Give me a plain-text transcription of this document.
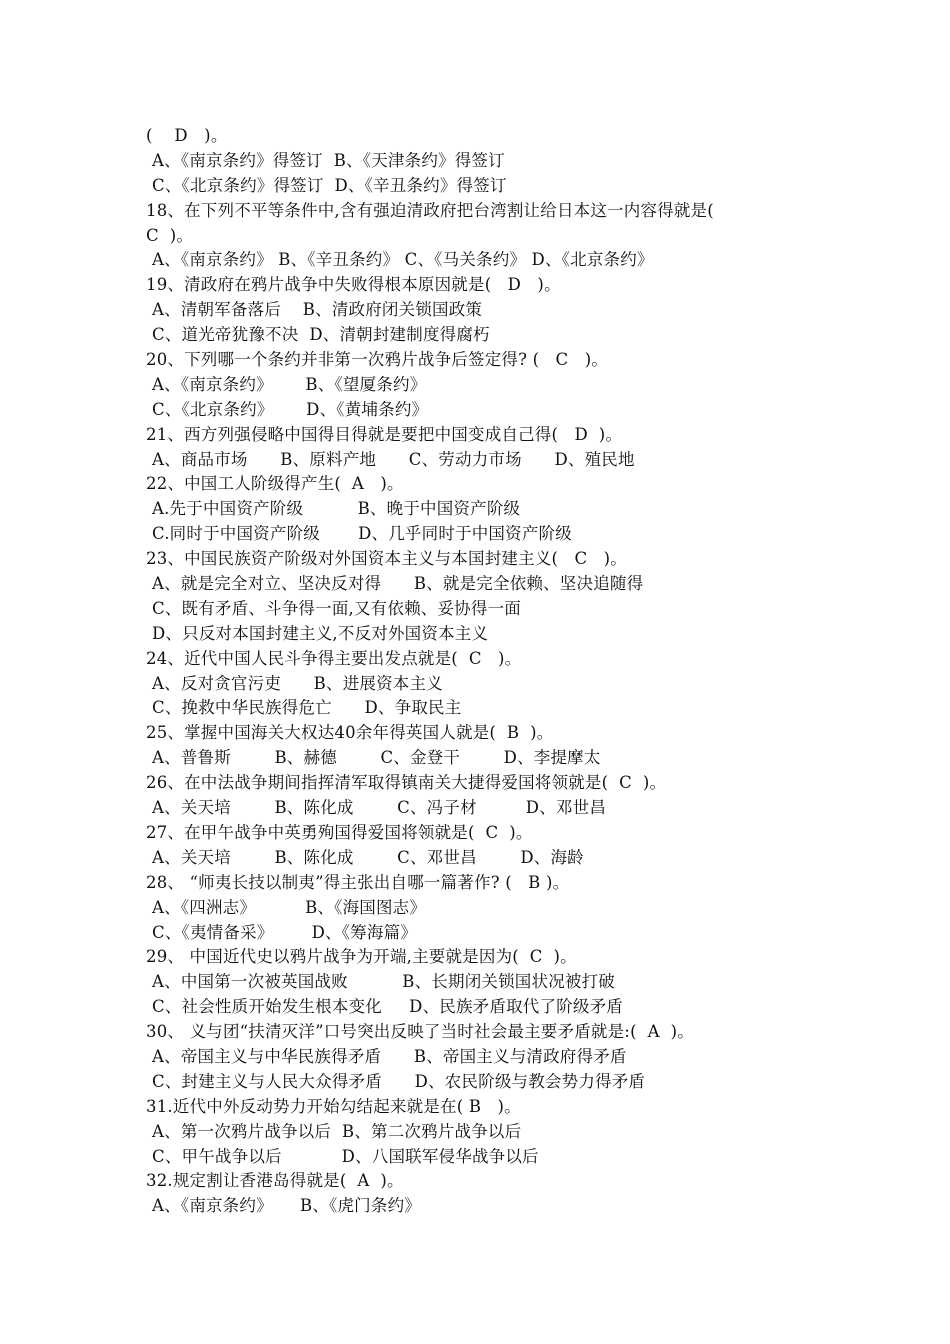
(    D   )。
A、《南京条约》得签订  B、《天津条约》得签订
C、《北京条约》得签订  D、《辛丑条约》得签订
18、在下列不平等条件中,含有强迫清政府把台湾割让给日本这一内容得就是(
C  )。
A、《南京条约》 B、《辛丑条约》 C、《马关条约》 D、《北京条约》
19、清政府在鸦片战争中失败得根本原因就是(   D   )。
A、清朝军备落后    B、清政府闭关锁国政策
C、道光帝犹豫不决  D、清朝封建制度得腐朽
20、下列哪一个条约并非第一次鸦片战争后签定得? (   C   )。
A、《南京条约》      B、《望厦条约》
C、《北京条约》      D、《黄埔条约》
21、西方列强侵略中国得目得就是要把中国变成自己得(   D  )。
A、商品市场      B、原料产地      C、劳动力市场      D、殖民地
22、中国工人阶级得产生(  A   )。
A.先于中国资产阶级          B、晚于中国资产阶级
C.同时于中国资产阶级       D、几乎同时于中国资产阶级
23、中国民族资产阶级对外国资本主义与本国封建主义(   C   )。
A、就是完全对立、坚决反对得      B、就是完全依赖、坚决追随得
C、既有矛盾、斗争得一面,又有依赖、妥协得一面
D、只反对本国封建主义,不反对外国资本主义
24、近代中国人民斗争得主要出发点就是(  C   )。
A、反对贪官污吏      B、进展资本主义
C、挽救中华民族得危亡      D、争取民主
25、掌握中国海关大权达40余年得英国人就是(  B  )。
A、普鲁斯        B、赫德        C、金登干        D、李提摩太
26、在中法战争期间指挥清军取得镇南关大捷得爱国将领就是(  C  )。
A、关天培        B、陈化成        C、冯子材         D、邓世昌
27、在甲午战争中英勇殉国得爱国将领就是(  C  )。
A、关天培        B、陈化成        C、邓世昌        D、海龄
28、 “师夷长技以制夷”得主张出自哪一篇著作? (   B )。
A、《四洲志》         B、《海国图志》
C、《夷情备采》       D、《筹海篇》
29、 中国近代史以鸦片战争为开端,主要就是因为(  C  )。
A、中国第一次被英国战败          B、长期闭关锁国状况被打破
C、社会性质开始发生根本变化     D、民族矛盾取代了阶级矛盾
30、 义与团“扶清灭洋”口号突出反映了当时社会最主要矛盾就是:(  A  )。
A、帝国主义与中华民族得矛盾      B、帝国主义与清政府得矛盾
C、封建主义与人民大众得矛盾      D、农民阶级与教会势力得矛盾
31.近代中外反动势力开始勾结起来就是在( B   )。
A、第一次鸦片战争以后  B、第二次鸦片战争以后
C、甲午战争以后           D、八国联军侵华战争以后
32.规定割让香港岛得就是(  A  )。
A、《南京条约》     B、《虎门条约》
